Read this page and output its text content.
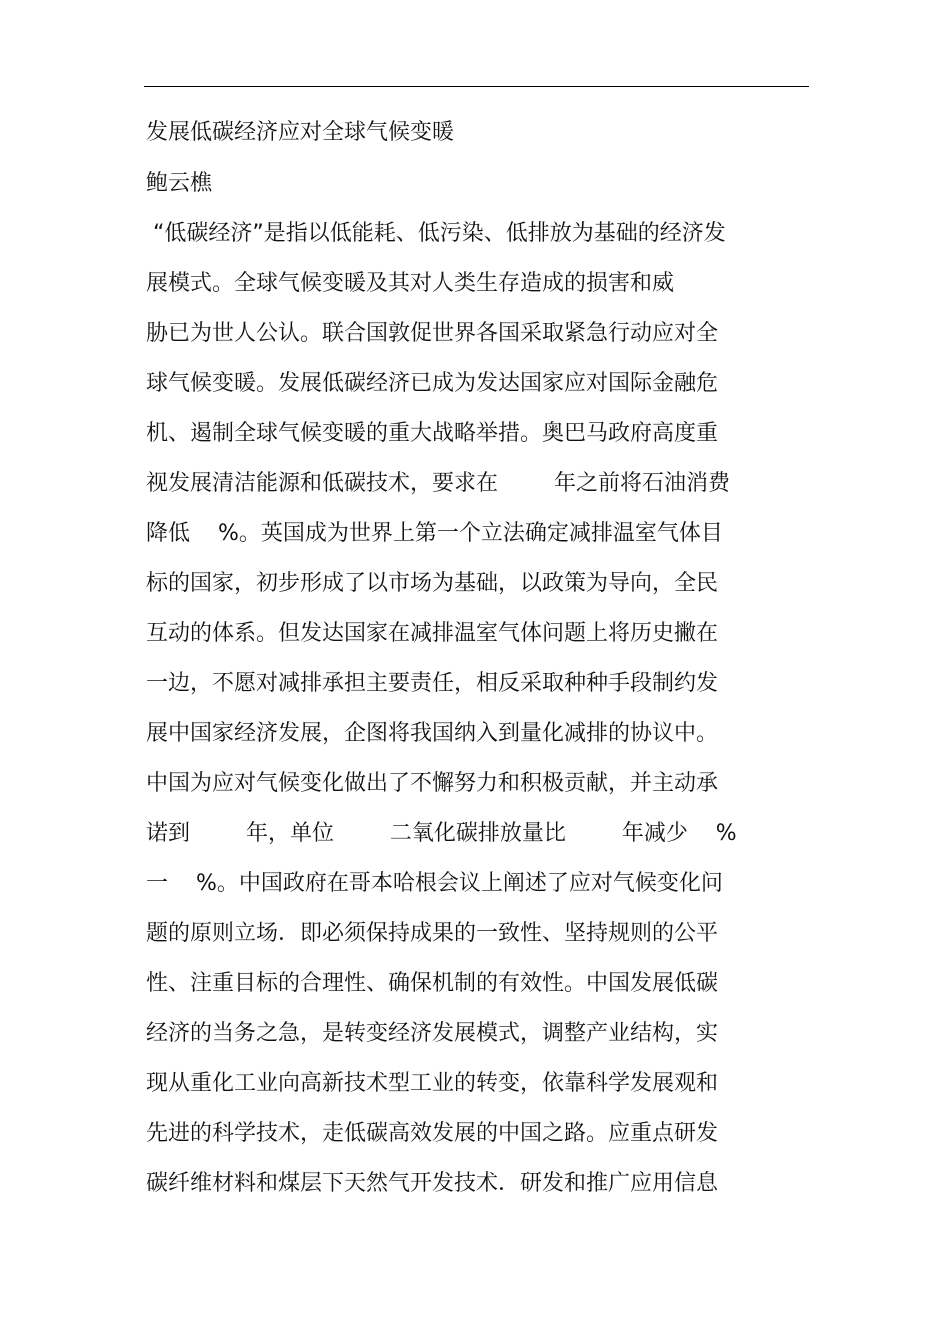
发展低碳经济应对全球气候变暖
鲍云樵
“低碳经济”是指以低能耗、低污染、低排放为基础的经济发
展模式。全球气候变暖及其对人类生存造成的损害和威
胁已为世人公认。联合国敦促世界各国采取紧急行动应对全
球气候变暖。发展低碳经济已成为发达国家应对国际金融危
机、遏制全球气候变暖的重大战略举措。奥巴马政府高度重
视发展清洁能源和低碳技术，要求在        年之前将石油消费
降低    %。英国成为世界上第一个立法确定减排温室气体目
标的国家，初步形成了以市场为基础，以政策为导向，全民
互动的体系。但发达国家在减排温室气体问题上将历史撇在
一边，不愿对减排承担主要责任，相反采取种种手段制约发
展中国家经济发展，企图将我国纳入到量化减排的协议中。
中国为应对气候变化做出了不懈努力和积极贡献，并主动承
诺到        年，单位        二氧化碳排放量比        年减少    %
一    %。中国政府在哥本哈根会议上阐述了应对气候变化问
题的原则立场．即必须保持成果的一致性、坚持规则的公平
性、注重目标的合理性、确保机制的有效性。中国发展低碳
经济的当务之急，是转变经济发展模式，调整产业结构，实
现从重化工业向高新技术型工业的转变，依靠科学发展观和
先进的科学技术，走低碳高效发展的中国之路。应重点研发
碳纤维材料和煤层下天然气开发技术．研发和推广应用信息
